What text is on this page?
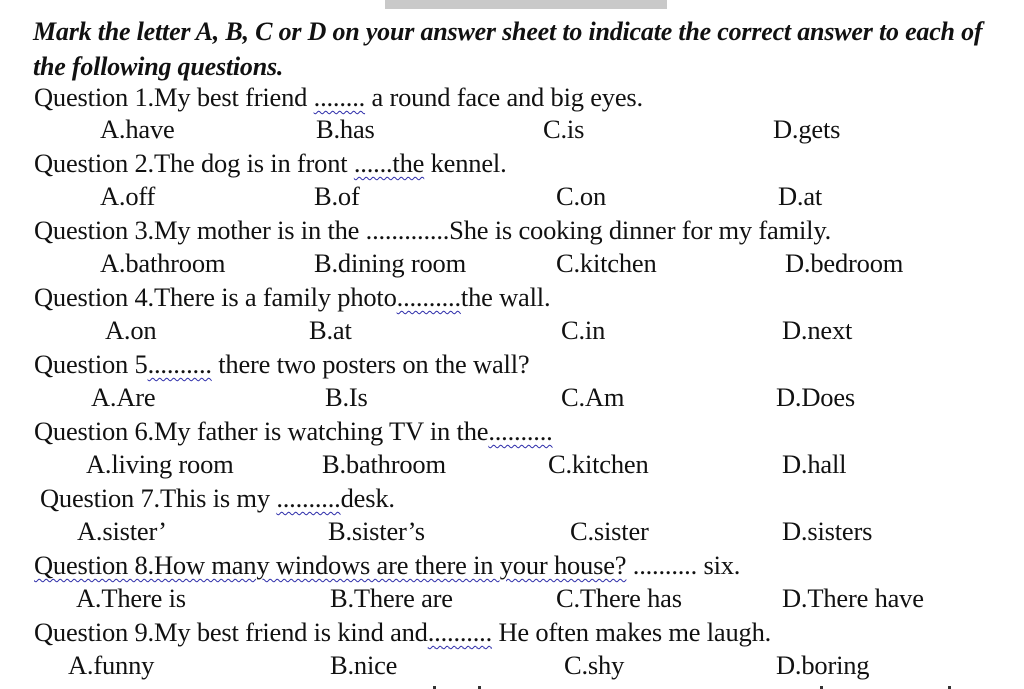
Mark the letter A, B, C or D on your answer sheet to indicate the correct answer to each of the following questions.
Question 1.My best friend ........ a round face and big eyes.
A.have	B.has	C.is	D.gets
Question 2.The dog is in front ......the kennel.
A.off	B.of	C.on	D.at
Question 3.My mother is in the .............She is cooking dinner for my family.
A.bathroom	B.dining room	C.kitchen	D.bedroom
Question 4.There is a family photo..........the wall.
A.on	B.at	C.in	D.next
Question 5.......... there two posters on the wall?
A.Are	B.Is	C.Am	D.Does
Question 6.My father is watching TV in the..........
A.living room	B.bathroom	C.kitchen	D.hall
Question 7.This is my ..........desk.
A.sister’	B.sister’s	C.sister	D.sisters
Question 8.How many windows are there in your house? .......... six.
A.There is	B.There are	C.There has	D.There have
Question 9.My best friend is kind and.......... He often makes me laugh.
A.funny	B.nice	C.shy	D.boring
